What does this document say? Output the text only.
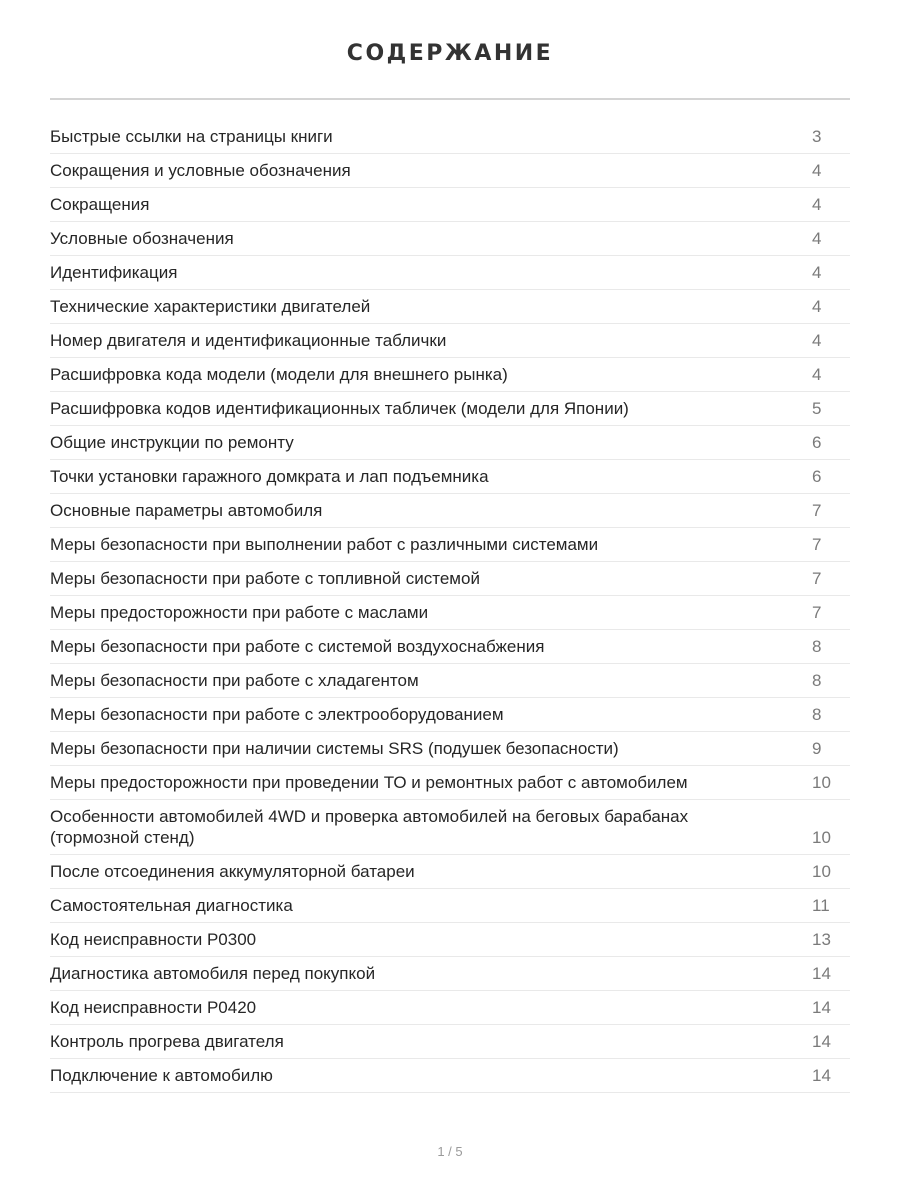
СОДЕРЖАНИЕ
Быстрые ссылки на страницы книги	3
Сокращения и условные обозначения	4
Сокращения	4
Условные обозначения	4
Идентификация	4
Технические характеристики двигателей	4
Номер двигателя и идентификационные таблички	4
Расшифровка кода модели (модели для внешнего рынка)	4
Расшифровка кодов идентификационных табличек (модели для Японии)	5
Общие инструкции по ремонту	6
Точки установки гаражного домкрата и лап подъемника	6
Основные параметры автомобиля	7
Меры безопасности при выполнении работ с различными системами	7
Меры безопасности при работе с топливной системой	7
Меры предосторожности при работе с маслами	7
Меры безопасности при работе с системой воздухоснабжения	8
Меры безопасности при работе с хладагентом	8
Меры безопасности при работе с электрооборудованием	8
Меры безопасности при наличии системы SRS (подушек безопасности)	9
Меры предосторожности при проведении ТО и ремонтных работ с автомобилем	10
Особенности автомобилей 4WD и проверка автомобилей на беговых барабанах (тормозной стенд)	10
После отсоединения аккумуляторной батареи	10
Самостоятельная диагностика	11
Код неисправности P0300	13
Диагностика автомобиля перед покупкой	14
Код неисправности P0420	14
Контроль прогрева двигателя	14
Подключение к автомобилю	14
1 / 5
